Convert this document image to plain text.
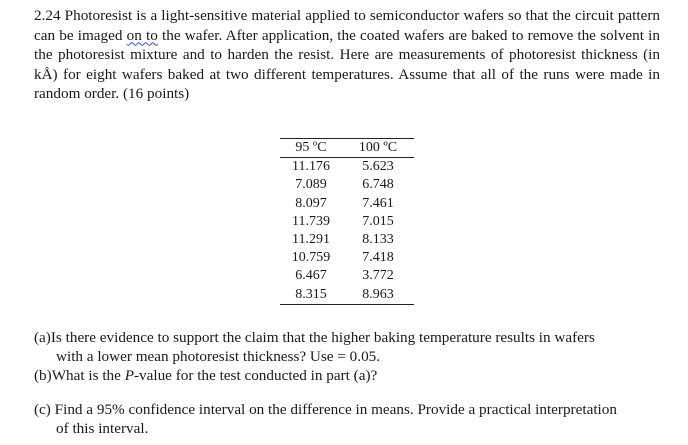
2.24 Photoresist is a light-sensitive material applied to semiconductor wafers so that the circuit pattern can be imaged on to the wafer. After application, the coated wafers are baked to remove the solvent in the photoresist mixture and to harden the resist. Here are measurements of photoresist thickness (in kÅ) for eight wafers baked at two different temperatures. Assume that all of the runs were made in random order. (16 points)

95 ºC	100 ºC
11.176	5.623
7.089	6.748
8.097	7.461
11.739	7.015
11.291	8.133
10.759	7.418
6.467	3.772
8.315	8.963
(a)Is there evidence to support the claim that the higher baking temperature results in wafers
with a lower mean photoresist thickness? Use = 0.05.
(b)What is the P-value for the test conducted in part (a)?
(c) Find a 95% confidence interval on the difference in means. Provide a practical interpretation
of this interval.
